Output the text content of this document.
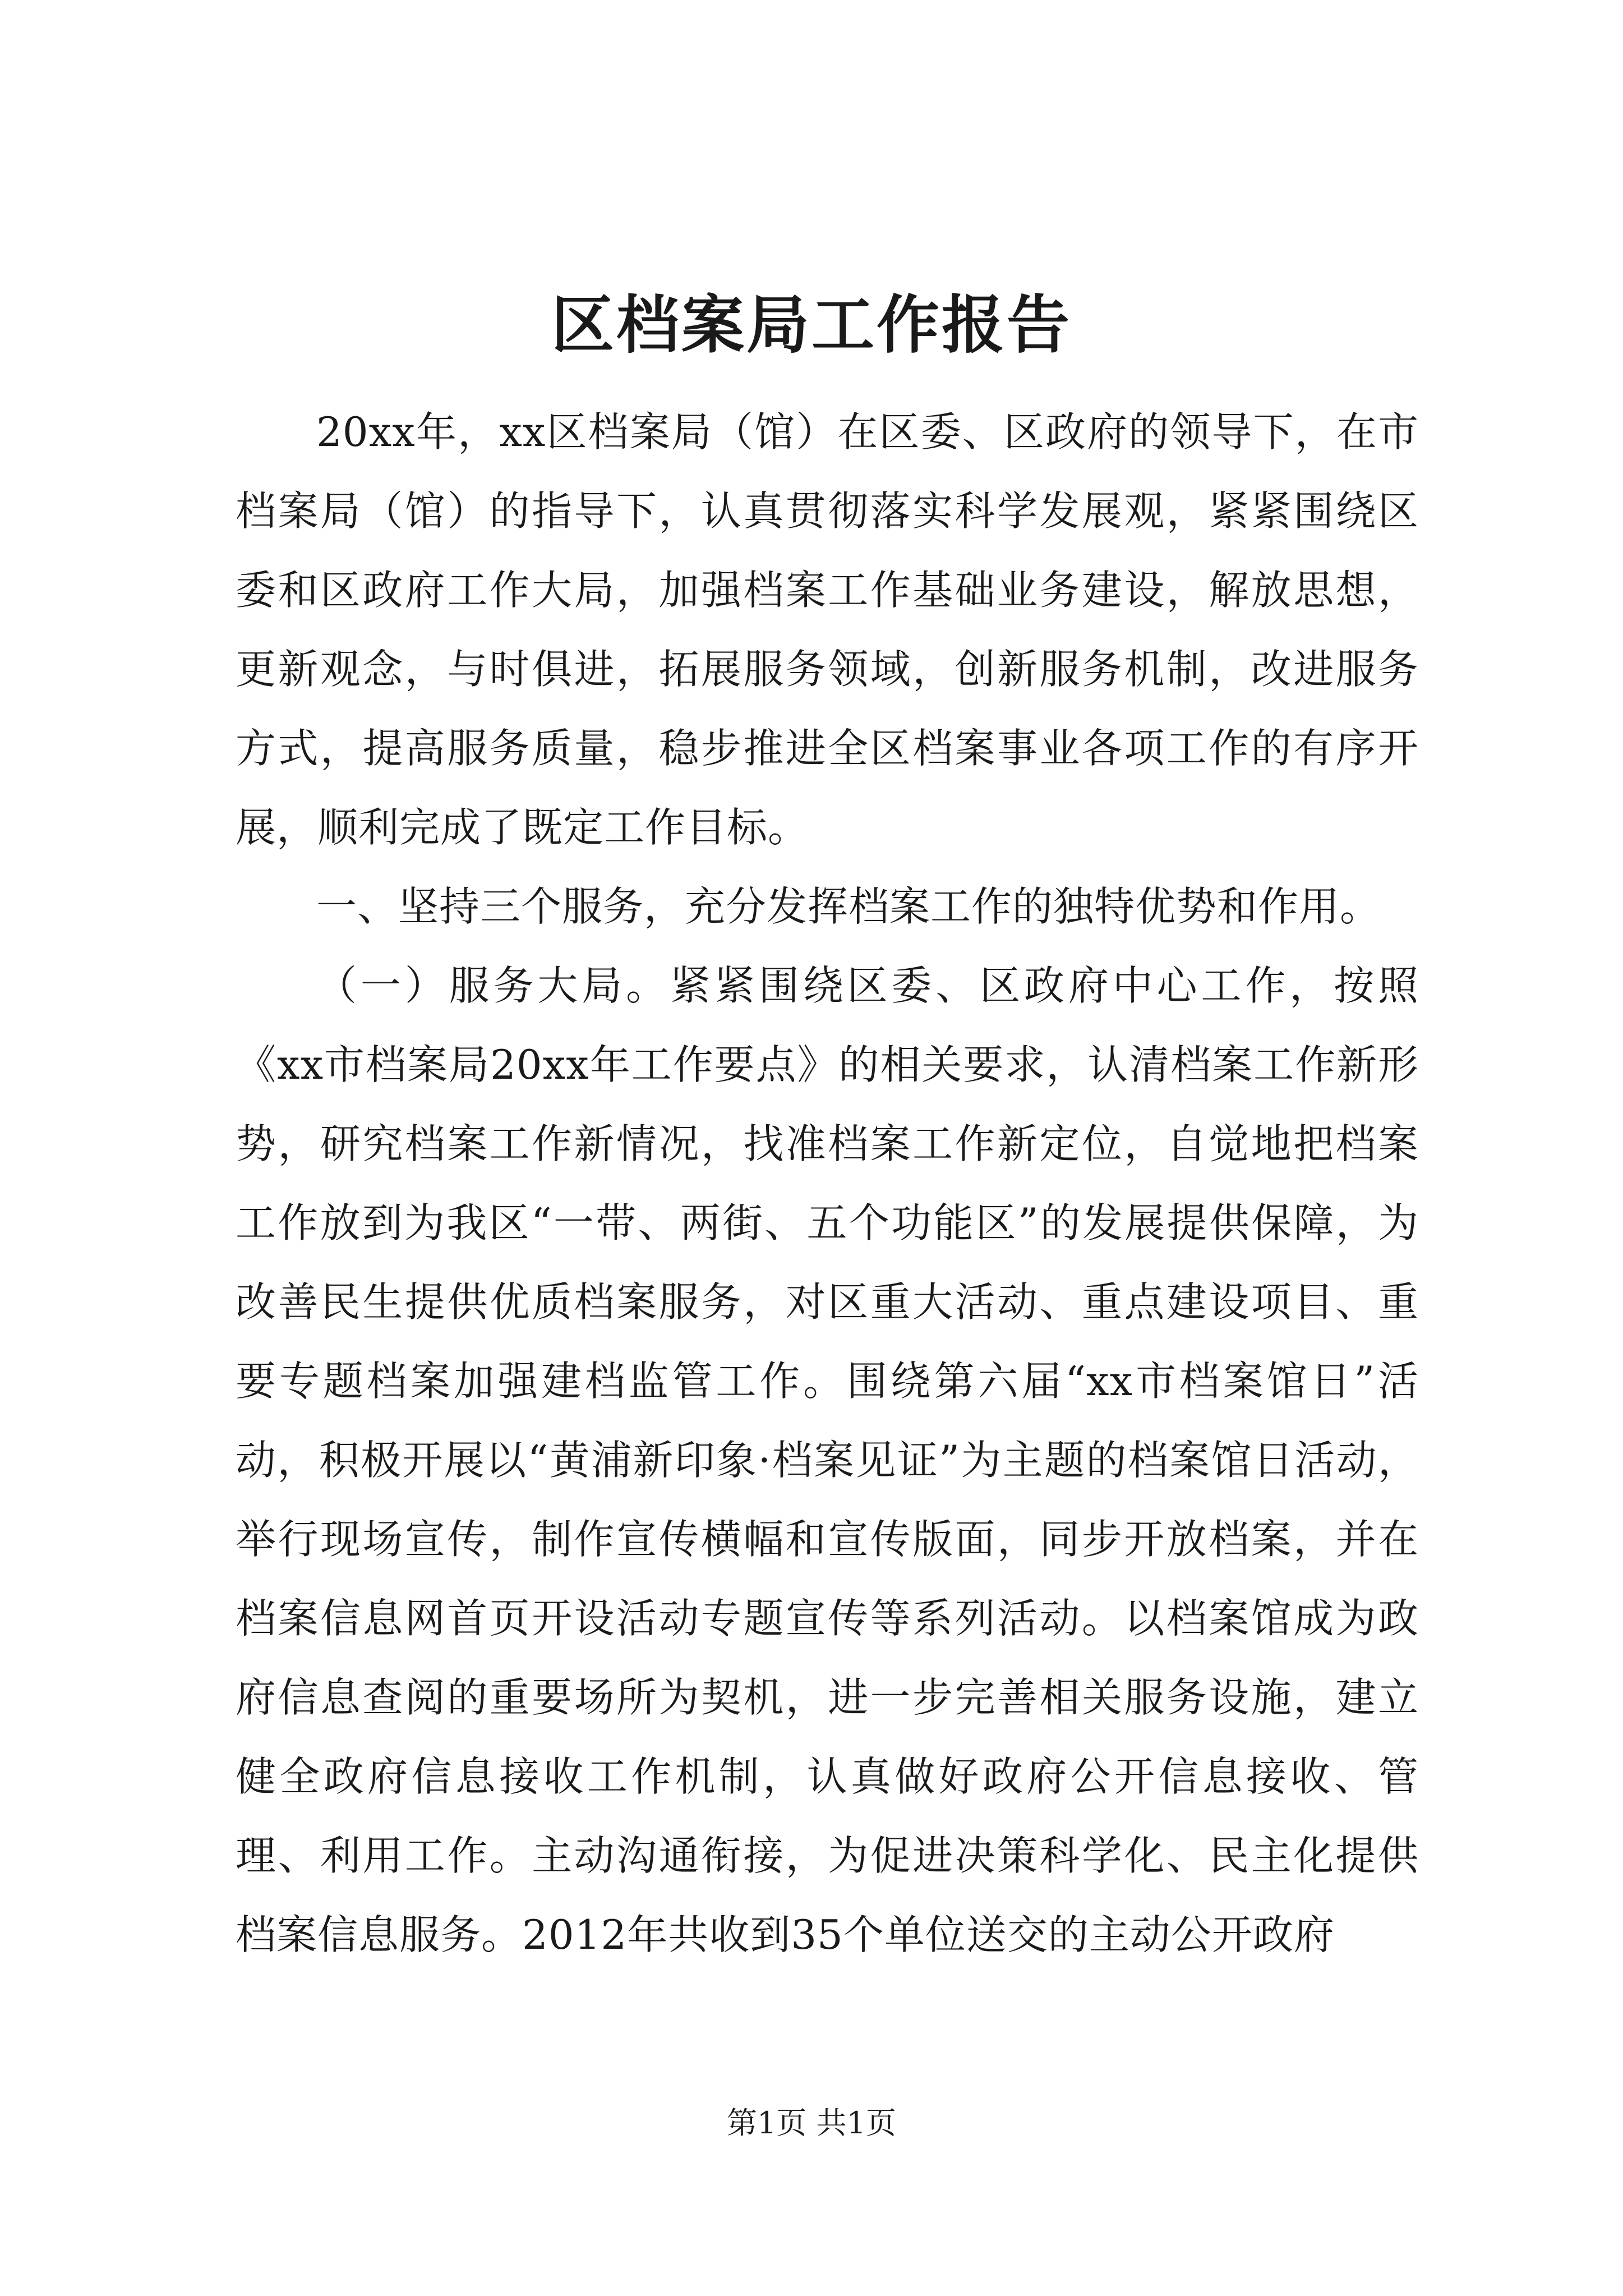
区档案局工作报告

20xx年，xx区档案局（馆）在区委、区政府的领导下，在市档案局（馆）的指导下，认真贯彻落实科学发展观，紧紧围绕区委和区政府工作大局，加强档案工作基础业务建设，解放思想，更新观念，与时俱进，拓展服务领域，创新服务机制，改进服务方式，提高服务质量，稳步推进全区档案事业各项工作的有序开展，顺利完成了既定工作目标。

一、坚持三个服务，充分发挥档案工作的独特优势和作用。

（一）服务大局。紧紧围绕区委、区政府中心工作，按照《xx市档案局20xx年工作要点》的相关要求，认清档案工作新形势，研究档案工作新情况，找准档案工作新定位，自觉地把档案工作放到为我区“一带、两街、五个功能区”的发展提供保障，为改善民生提供优质档案服务，对区重大活动、重点建设项目、重要专题档案加强建档监管工作。围绕第六届“xx市档案馆日”活动，积极开展以“黄浦新印象·档案见证”为主题的档案馆日活动，举行现场宣传，制作宣传横幅和宣传版面，同步开放档案，并在档案信息网首页开设活动专题宣传等系列活动。以档案馆成为政府信息查阅的重要场所为契机，进一步完善相关服务设施，建立健全政府信息接收工作机制，认真做好政府公开信息接收、管理、利用工作。主动沟通衔接，为促进决策科学化、民主化提供档案信息服务。2012年共收到35个单位送交的主动公开政府

第1页 共1页
